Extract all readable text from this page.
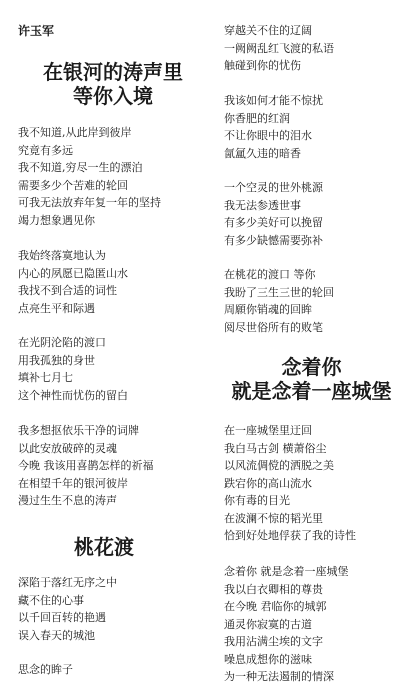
许玉军
在银河的涛声里
等你入境
我不知道,从此岸到彼岸
究竟有多远
我不知道,穷尽一生的漂泊
需要多少个苦难的轮回
可我无法放弃年复一年的坚持
竭力想象遇见你
我始终落寞地认为
内心的夙愿已隐匿山水
我找不到合适的词性
点亮生平和际遇
在光阴沦陷的渡口
用我孤独的身世
填补七月七
这个神性而忧伤的留白
我多想抠依乐干净的词牌
以此安放破碎的灵魂
今晚 我该用喜鹊怎样的祈福
在相望千年的银河彼岸
漫过生生不息的涛声
桃花渡
深陷于落红无序之中
藏不住的心事
以千回百转的艳遇
误入春天的城池
思念的眸子
穿越关不住的辽阔
一阙阙乱红飞渡的私语
触碰到你的忧伤
我该如何才能不惊扰
你香肥的红润
不让你眼中的泪水
氤氲久违的暗香
一个空灵的世外桃源
我无法参透世事
有多少美好可以挽留
有多少缺憾需要弥补
在桃花的渡口 等你
我盼了三生三世的轮回
周願你销魂的回眸
阅尽世俗所有的败笔
念着你
就是念着一座城堡
在一座城堡里迂回
我白马古剑 横萧俗尘
以风流倜傥的洒脱之美
跌宕你的高山流水
你有毒的目光
在波澜不惊的韬光里
恰到好处地俘获了我的诗性
念着你 就是念着一座城堡
我以白衣卿相的尊贵
在今晚 君临你的城郭
通灵你寂寞的古道
我用沾满尘埃的文字
噪息成想你的滋味
为一种无法遏制的情深
